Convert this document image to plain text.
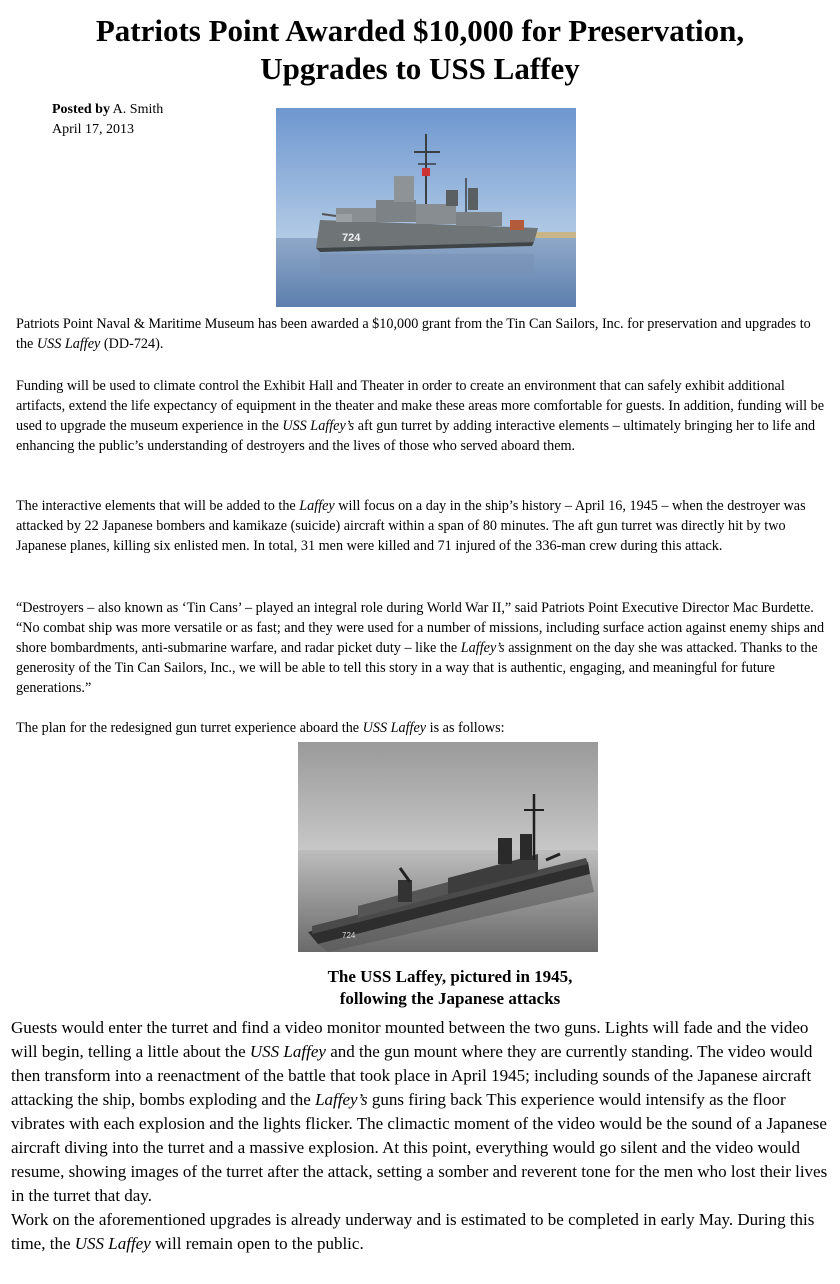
Patriots Point Awarded $10,000 for Preservation,
Upgrades to USS Laffey
Posted by A. Smith
April 17, 2013
724

Patriots Point Naval & Maritime Museum has been awarded a $10,000 grant from the Tin Can Sailors, Inc. for preservation and upgrades to the USS Laffey (DD-724).

Funding will be used to climate control the Exhibit Hall and Theater in order to create an environment that can safely exhibit additional artifacts, extend the life expectancy of equipment in the theater and make these areas more comfortable for guests. In addition, funding will be used to upgrade the museum experience in the USS Laffey’s aft gun turret by adding interactive elements – ultimately bringing her to life and enhancing the public’s understanding of destroyers and the lives of those who served aboard them.

The interactive elements that will be added to the Laffey will focus on a day in the ship’s history – April 16, 1945 – when the destroyer was attacked by 22 Japanese bombers and kamikaze (suicide) aircraft within a span of 80 minutes. The aft gun turret was directly hit by two Japanese planes, killing six enlisted men. In total, 31 men were killed and 71 injured of the 336-man crew during this attack.

“Destroyers – also known as ‘Tin Cans’ – played an integral role during World War II,” said Patriots Point Executive Director Mac Burdette. “No combat ship was more versatile or as fast; and they were used for a number of missions, including surface action against enemy ships and shore bombardments, anti-submarine warfare, and radar picket duty – like the Laffey’s assignment on the day she was attacked. Thanks to the generosity of the Tin Can Sailors, Inc., we will be able to tell this story in a way that is authentic, engaging, and meaningful for future generations.”

The plan for the redesigned gun turret experience aboard the USS Laffey is as follows:

724
The USS Laffey, pictured in 1945,
following the Japanese attacks

Guests would enter the turret and find a video monitor mounted between the two guns. Lights will fade and the video will begin, telling a little about the USS Laffey and the gun mount where they are currently standing. The video would then transform into a reenactment of the battle that took place in April 1945; including sounds of the Japanese aircraft attacking the ship, bombs exploding and the Laffey’s guns firing back This experience would intensify as the floor vibrates with each explosion and the lights flicker. The climactic moment of the video would be the sound of a Japanese aircraft diving into the turret and a massive explosion. At this point, everything would go silent and the video would resume, showing images of the turret after the attack, setting a somber and reverent tone for the men who lost their lives in the turret that day.

Work on the aforementioned upgrades is already underway and is estimated to be completed in early May. During this time, the USS Laffey will remain open to the public.
